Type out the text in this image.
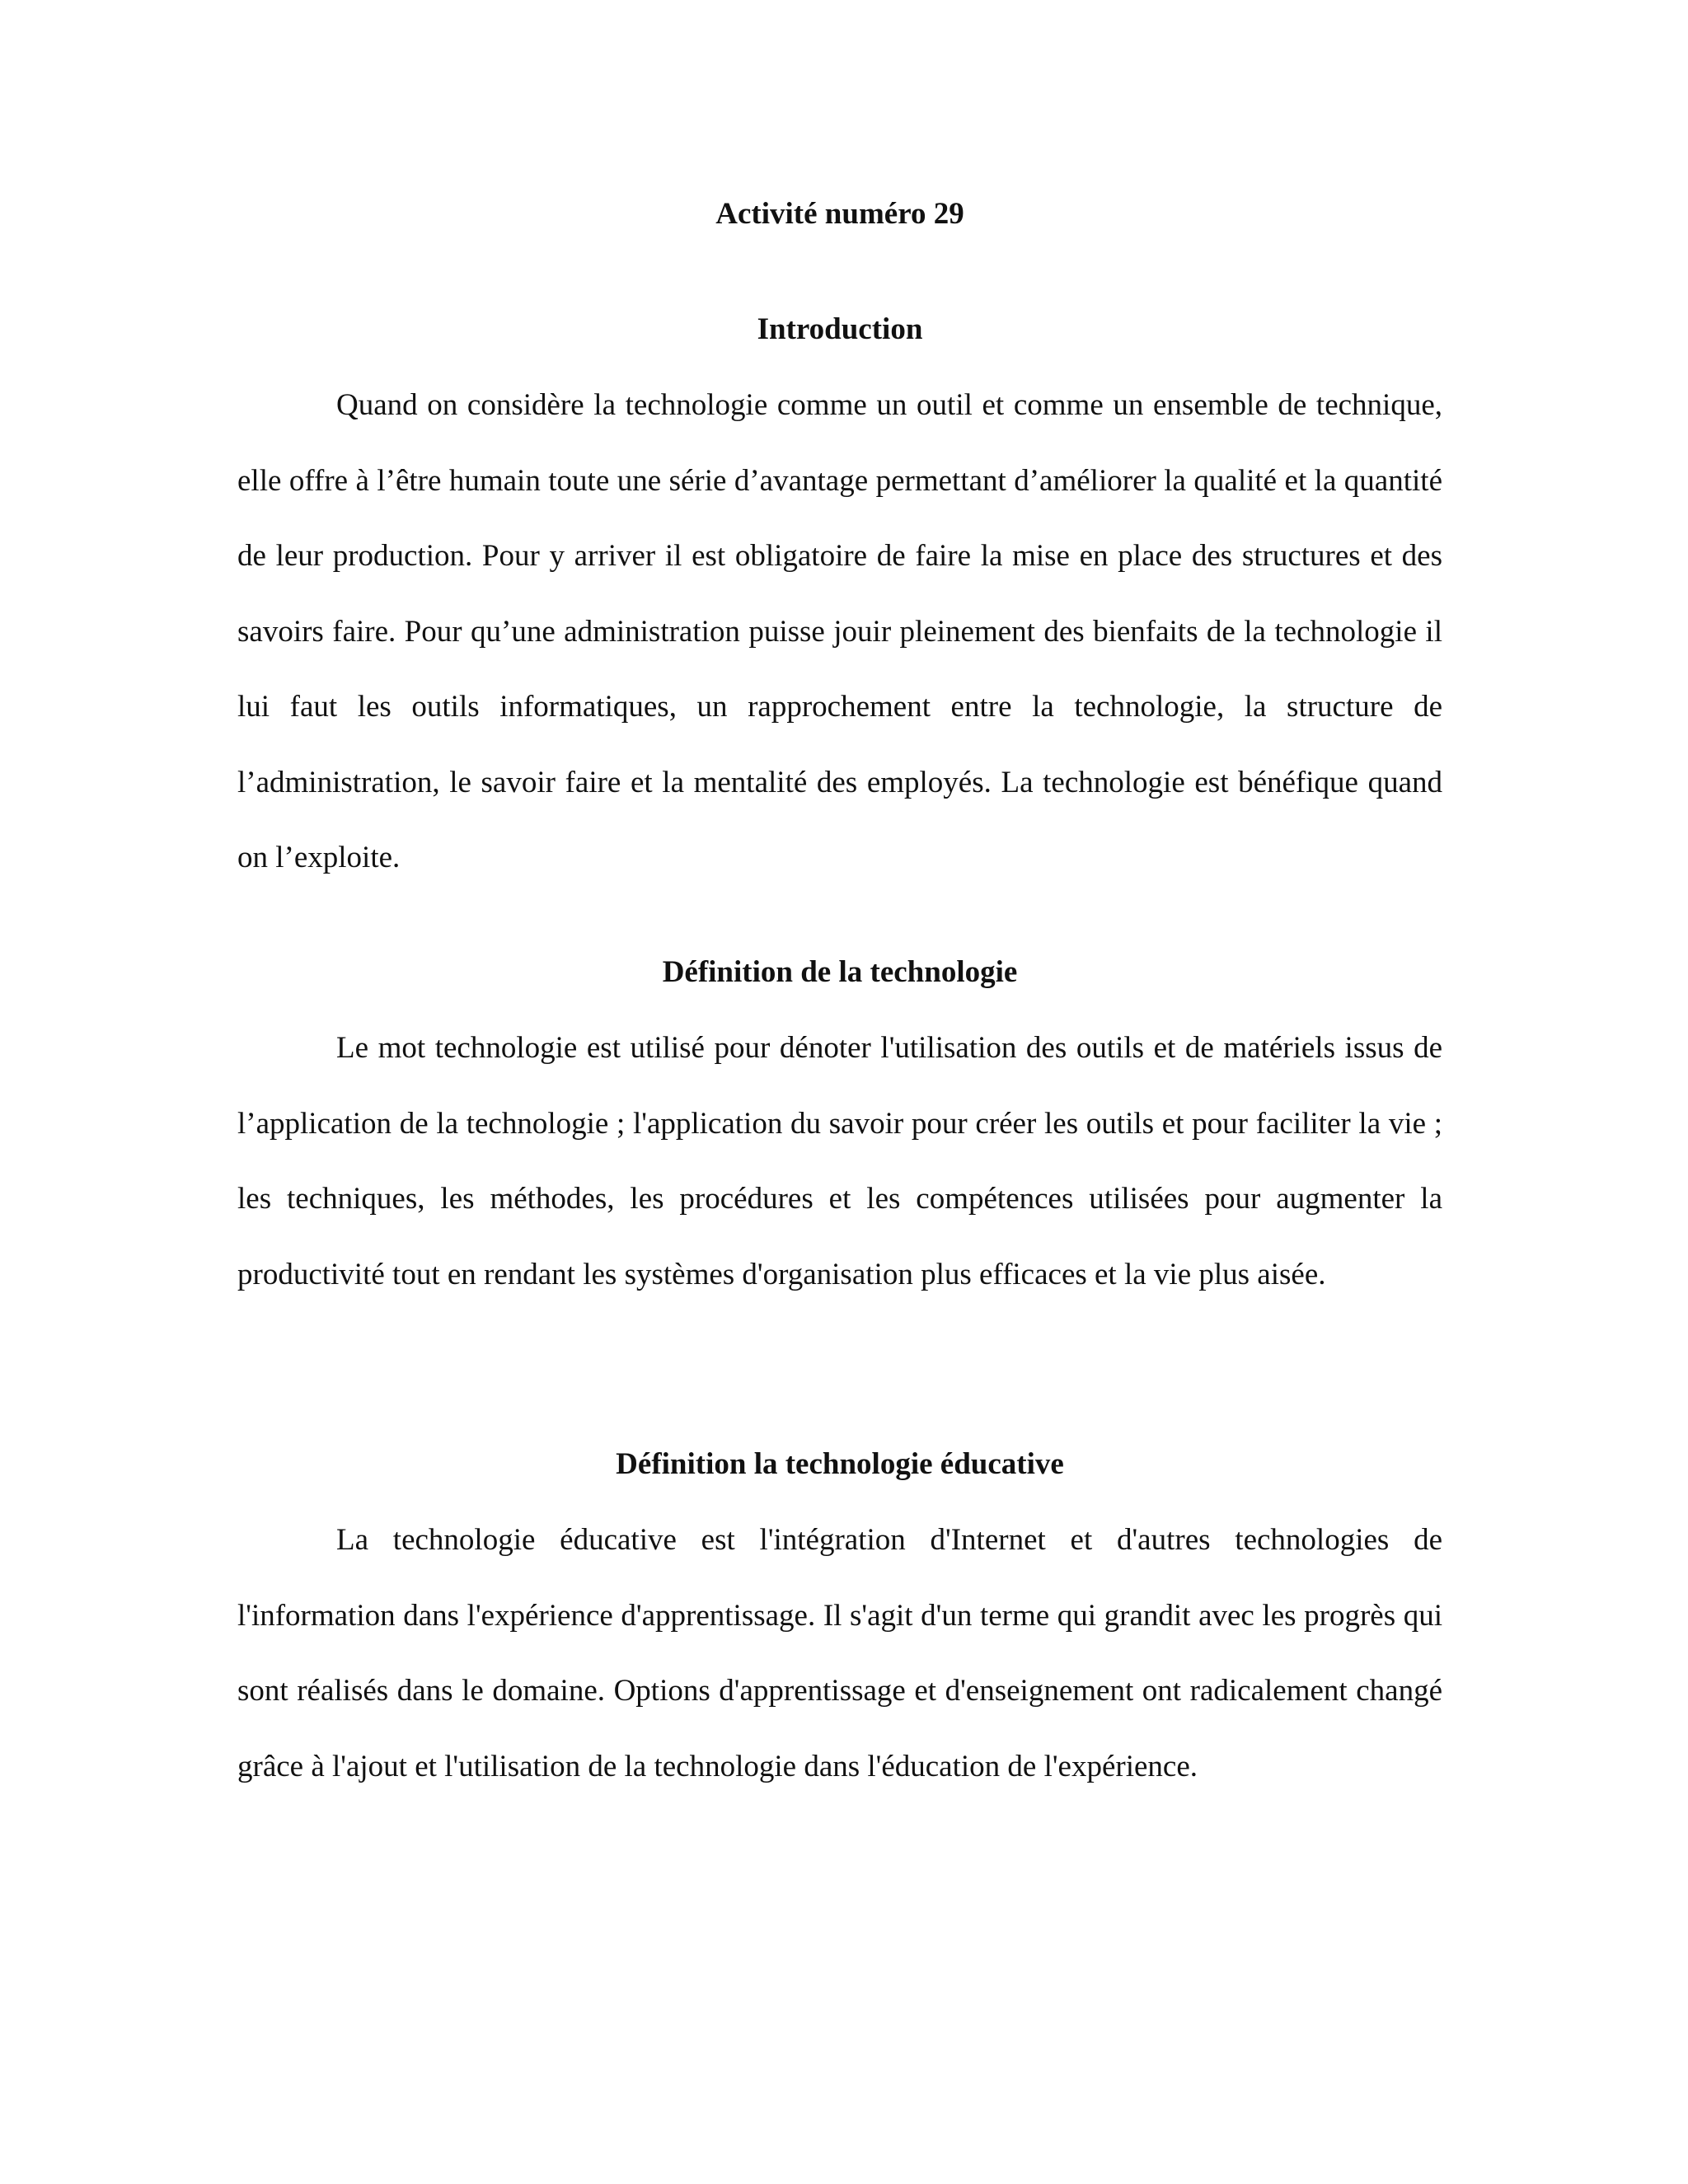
Activité numéro 29
Introduction

Quand on considère la technologie comme un outil et comme un ensemble de technique, elle offre à l’être humain toute une série d’avantage permettant d’améliorer la qualité et la quantité de leur production. Pour y arriver il est obligatoire de faire la mise en place des structures et des savoirs faire. Pour qu’une administration puisse jouir pleinement des bienfaits de la technologie il lui faut les outils informatiques, un rapprochement entre la technologie, la structure de l’administration, le savoir faire et la mentalité des employés. La technologie est bénéfique quand on l’exploite.

Définition de la technologie

Le mot technologie est utilisé pour dénoter l'utilisation des outils et de matériels issus de l’application de la technologie ; l'application du savoir pour créer les outils et pour faciliter la vie ; les techniques, les méthodes, les procédures et les compétences utilisées pour augmenter la productivité tout en rendant les systèmes d'organisation plus efficaces et la vie plus aisée.

Définition la technologie éducative

La technologie éducative est l'intégration d'Internet et d'autres technologies de l'information dans l'expérience d'apprentissage. Il s'agit d'un terme qui grandit avec les progrès qui sont réalisés dans le domaine. Options d'apprentissage et d'enseignement ont radicalement changé grâce à l'ajout et l'utilisation de la technologie dans l'éducation de l'expérience.
